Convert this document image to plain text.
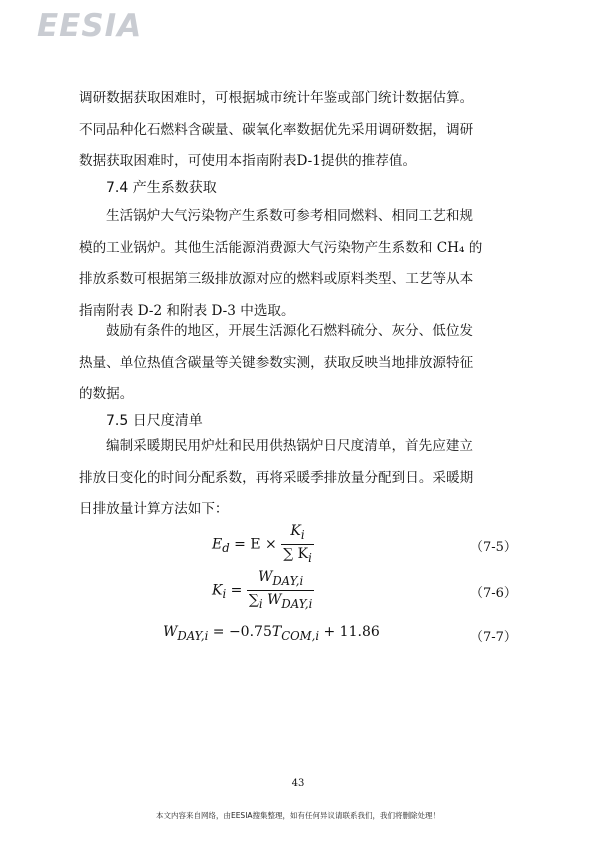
EESIA

调研数据获取困难时，可根据城市统计年鉴或部门统计数据估算。

不同品种化石燃料含碳量、碳氧化率数据优先采用调研数据，调研

数据获取困难时，可使用本指南附表D-1提供的推荐值。

7.4 产生系数获取

生活锅炉大气污染物产生系数可参考相同燃料、相同工艺和规

模的工业锅炉。其他生活能源消费源大气污染物产生系数和 CH₄ 的

排放系数可根据第三级排放源对应的燃料或原料类型、工艺等从本

指南附表 D-2 和附表 D-3 中选取。

鼓励有条件的地区，开展生活源化石燃料硫分、灰分、低位发

热量、单位热值含碳量等关键参数实测，获取反映当地排放源特征

的数据。

7.5 日尺度清单

编制采暖期民用炉灶和民用供热锅炉日尺度清单，首先应建立

排放日变化的时间分配系数，再将采暖季排放量分配到日。采暖期

日排放量计算方法如下：

$E_d = E \times \frac{K_i}{\sum K_i}$	（7-5）
$K_i = \frac{W_{DAY,i}}{\sum_i W_{DAY,i}}$	（7-6）
$W_{DAY,i} = -0.75T_{COM,i} + 11.86$	（7-7）
43
本文内容来自网络，由EESIA搜集整理，如有任何异议请联系我们，我们将删除处理！
